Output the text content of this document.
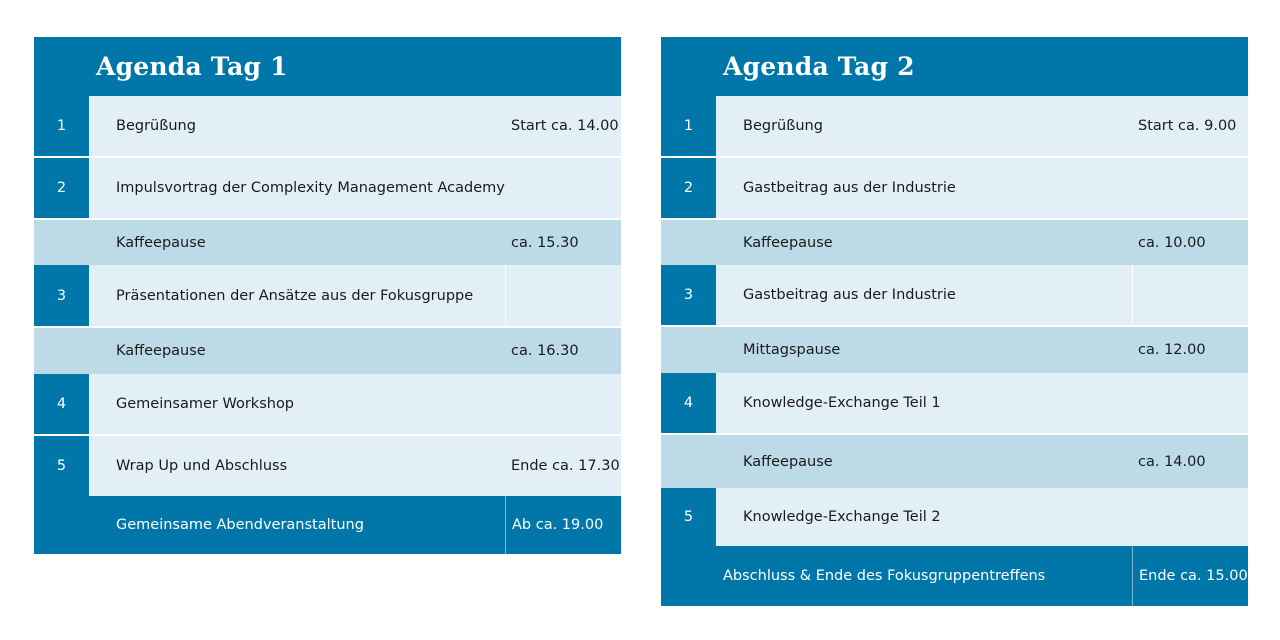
Agenda Tag 1
1	Begrüßung	Start ca. 14.00
2	Impulsvortrag der Complexity Management Academy
Kaffeepause	ca. 15.30
3	Präsentationen der Ansätze aus der Fokusgruppe
Kaffeepause	ca. 16.30
4	Gemeinsamer Workshop
5	Wrap Up und Abschluss	Ende ca. 17.30
Gemeinsame Abendveranstaltung	Ab ca. 19.00
Agenda Tag 2
1	Begrüßung	Start ca. 9.00
2	Gastbeitrag aus der Industrie
Kaffeepause	ca. 10.00
3	Gastbeitrag aus der Industrie
Mittagspause	ca. 12.00
4	Knowledge-Exchange Teil 1
Kaffeepause	ca. 14.00
5	Knowledge-Exchange Teil 2
Abschluss & Ende des Fokusgruppentreffens	Ende ca. 15.00
